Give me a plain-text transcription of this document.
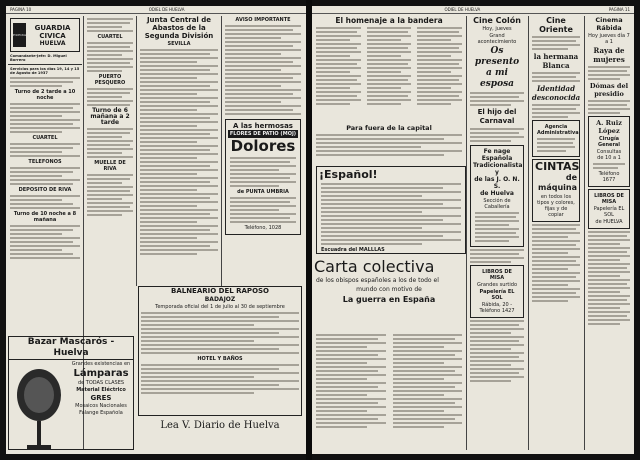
PAGINA 10	ODIEL DE HUELVA
HUELVA
GUARDIA CIVICA
HUELVA
Comandante-Jefe: D. Miguel Borrero
Servicios para los días 19, 14 y 15 de Agosto de 1937
Turno de 2 tarde a 10 noche
CUARTEL
TELEFONOS
DEPOSITO DE RIVA
Turno de 10 noche a 8 mañana
CUARTEL
PUERTO PESQUERO
Turno de 6 mañana a 2 tarde
MUELLE DE RIVA
Junta Central de Abastos de la Segunda División
SEVILLA
AVISO IMPORTANTE
A las hermosas
FLORES DE PATIO (MOJ)
Dolores
de PUNTA UMBRIA
Teléfono, 1028
Bazar Mascarós - Huelva
Grandes existencias en
Lámparas
de TODAS CLASES
Material Eléctrico
GRES
Mosaicos Nacionales
Falange Española
BALNEARIO DEL RAPOSO
BADAJOZ
Temporada oficial del 1 de julio al 30 de septiembre
HOTEL Y BAÑOS
Lea V. Diario de Huelva
ODIEL DE HUELVA	PAGINA 11
El homenaje a la bandera
Para fuera de la capital
¡Español!
Escuadra del MALLLAS
Carta colectiva
de los obispos españoles a los de todo el
mundo con motivo de
La guerra en España
Cine Colón
Hoy, jueves
Grand acontecimiento
Os presento
a mi esposa
El hijo del Carnaval
Fe nage Española
Tradicionalista y
de las J. O. N. S.
de Huelva
Sección de Caballería
LIBROS DE MISA
Grandes surtido
Papelería EL SOL
Rábida, 20 - Teléfono 1427
Cine Oriente
la hermana Blanca
Identidad desconocida
Agencia Administrativa
CINTAS
de máquina
en todos los tipos y colores, fijas y de copiar
Cinema Rábida
Hoy jueves día 7 a 1
Raya de mujeres
Dómas del presidio
A. Ruiz López
Cirugía General
Consultas de 10 a 1
Teléfono 1677
LIBROS DE MISA
Papelería EL SOL
de HUELVA
